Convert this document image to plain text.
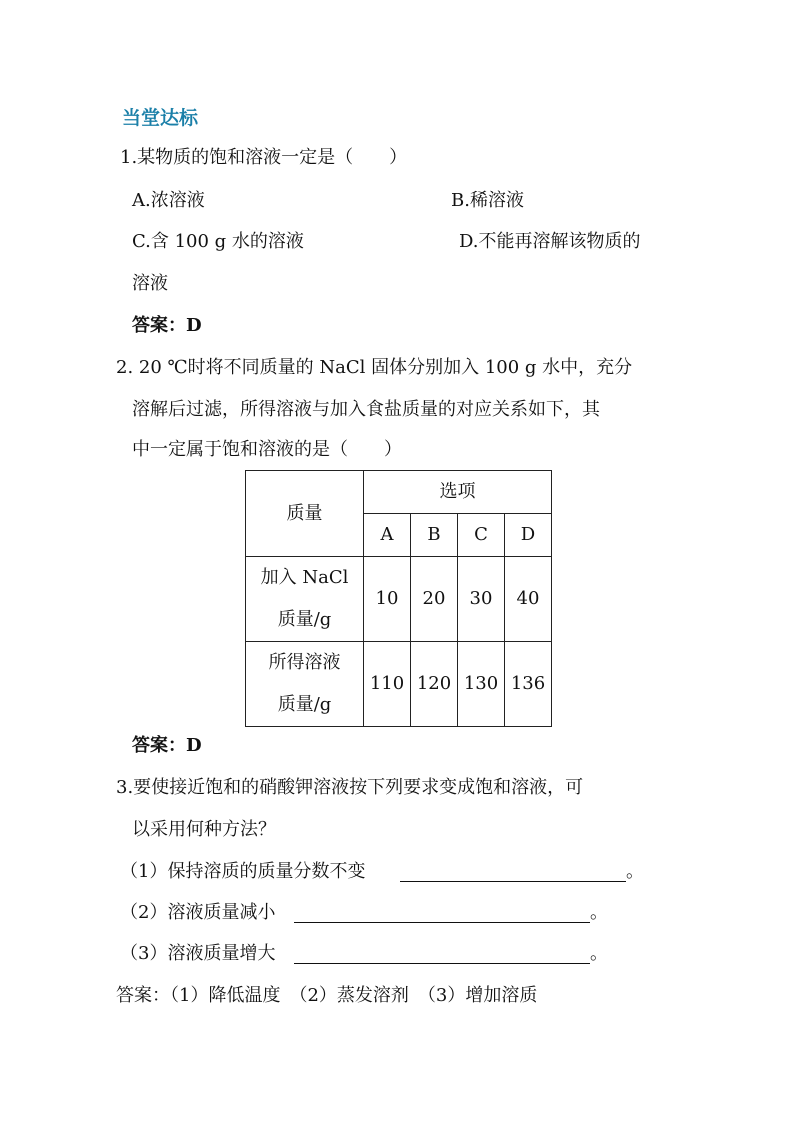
当堂达标
1.某物质的饱和溶液一定是（　　）
A.浓溶液	B.稀溶液
C.含 100 g 水的溶液	D.不能再溶解该物质的
溶液
答案：D
2. 20 ℃时将不同质量的 NaCl 固体分别加入 100 g 水中，充分
溶解后过滤，所得溶液与加入食盐质量的对应关系如下，其
中一定属于饱和溶液的是（　　）
质量	选项			
	A	B	C	D

加入 NaCl
质量/g	10	20	30	40

所得溶液
质量/g	110	120	130	136
答案：D
3.要使接近饱和的硝酸钾溶液按下列要求变成饱和溶液，可
以采用何种方法？
（1）保持溶质的质量分数不变	。
（2）溶液质量减小	。
（3）溶液质量增大	。
答案：（1）降低温度　（2）蒸发溶剂　（3）增加溶质
